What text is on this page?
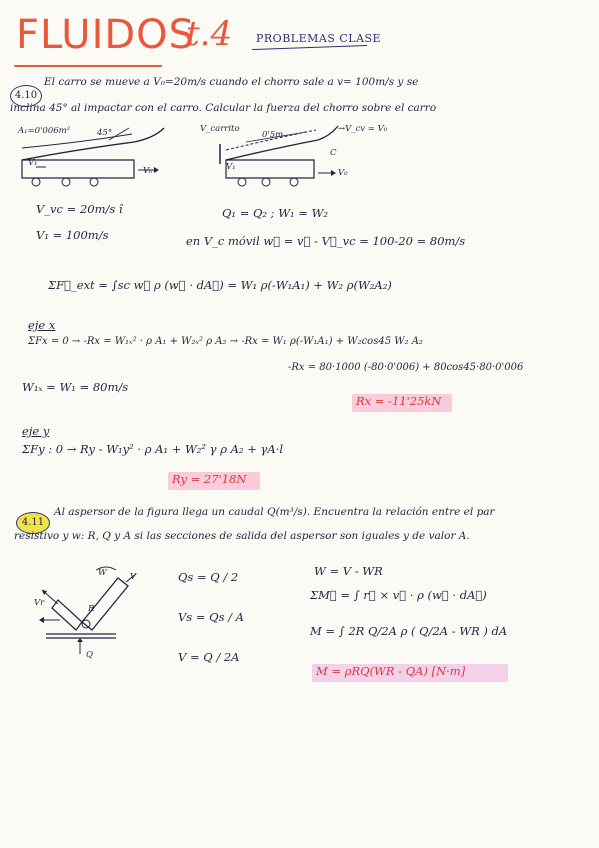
FLUIDOS
t.4 PROBLEMAS CLASE
4.10
El carro se mueve a V₀=20m/s cuando el chorro sale a v= 100m/s y se
inclina 45° al impactar con el carro. Calcular la fuerza del chorro sobre el carro
A₁=0'006m²	45°
V₁
V₀
V_carrito
0'5m
→V_cv = V₀
C
V₁
V₀
V_vc = 20m/s î
V₁ = 100m/s
Q₁ = Q₂ ; W₁ = W₂
en V_c móvil w⃗ = v⃗ - V⃗_vc = 100-20 = 80m/s
ΣF⃗_ext = ∫sc w⃗ ρ (w⃗ · dA⃗) = W₁ ρ(-W₁A₁) + W₂ ρ(W₂A₂)
eje x
ΣFx = 0 → -Rx = W₁ₓ² · ρ A₁ + W₂ₓ² ρ A₂ → -Rx = W₁ ρ(-W₁A₁) + W₂cos45 W₂ A₂
-Rx = 80·1000 (-80·0'006) + 80cos45·80·0'006
W₁ₓ = W₁ = 80m/s
Rx = -11'25kN
eje y
ΣFy : 0 → Ry - W₁y² · ρ A₁ + W₂² γ ρ A₂ + γA·l
Ry = 27'18N
4.11
Al aspersor de la figura llega un caudal Q(m³/s). Encuentra la relación entre el par
resistivo y w: R, Q y A si las secciones de salida del aspersor son iguales y de valor A.
W	V
Vr
R
Q
Qs = Q / 2
Vs = Qs / A
V = Q / 2A
W = V - WR
ΣM⃗ = ∫ r⃗ × v⃗ · ρ (w⃗ · dA⃗)
M = ∫ 2R Q/2A ρ ( Q/2A - WR ) dA
M = ρRQ(WR - QA) [N·m]
